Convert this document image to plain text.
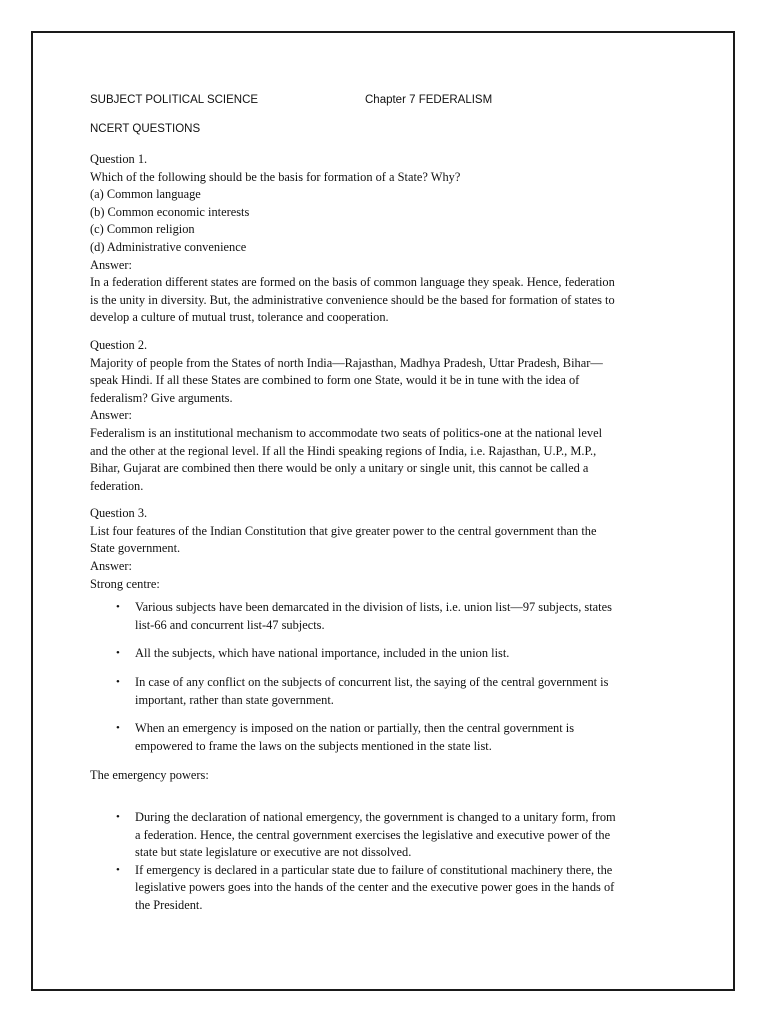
SUBJECT POLITICAL SCIENCE	Chapter 7 FEDERALISM
NCERT QUESTIONS
Question 1.
Which of the following should be the basis for formation of a State? Why?
(a) Common language
(b) Common economic interests
(c) Common religion
(d) Administrative convenience
Answer:
In a federation different states are formed on the basis of common language they speak. Hence, federation
is the unity in diversity. But, the administrative convenience should be the based for formation of states to
develop a culture of mutual trust, tolerance and cooperation.
Question 2.
Majority of people from the States of north India—Rajasthan, Madhya Pradesh, Uttar Pradesh, Bihar—
speak Hindi. If all these States are combined to form one State, would it be in tune with the idea of
federalism? Give arguments.
Answer:
Federalism is an institutional mechanism to accommodate two seats of politics-one at the national level
and the other at the regional level. If all the Hindi speaking regions of India, i.e. Rajasthan, U.P., M.P.,
Bihar, Gujarat are combined then there would be only a unitary or single unit, this cannot be called a
federation.
Question 3.
List four features of the Indian Constitution that give greater power to the central government than the
State government.
Answer:
Strong centre:
• Various subjects have been demarcated in the division of lists, i.e. union list—97 subjects, states
list-66 and concurrent list-47 subjects.
• All the subjects, which have national importance, included in the union list.
• In case of any conflict on the subjects of concurrent list, the saying of the central government is
important, rather than state government.
• When an emergency is imposed on the nation or partially, then the central government is
empowered to frame the laws on the subjects mentioned in the state list.
The emergency powers:
• During the declaration of national emergency, the government is changed to a unitary form, from
a federation. Hence, the central government exercises the legislative and executive power of the
state but state legislature or executive are not dissolved.
• If emergency is declared in a particular state due to failure of constitutional machinery there, the
legislative powers goes into the hands of the center and the executive power goes in the hands of
the President.
